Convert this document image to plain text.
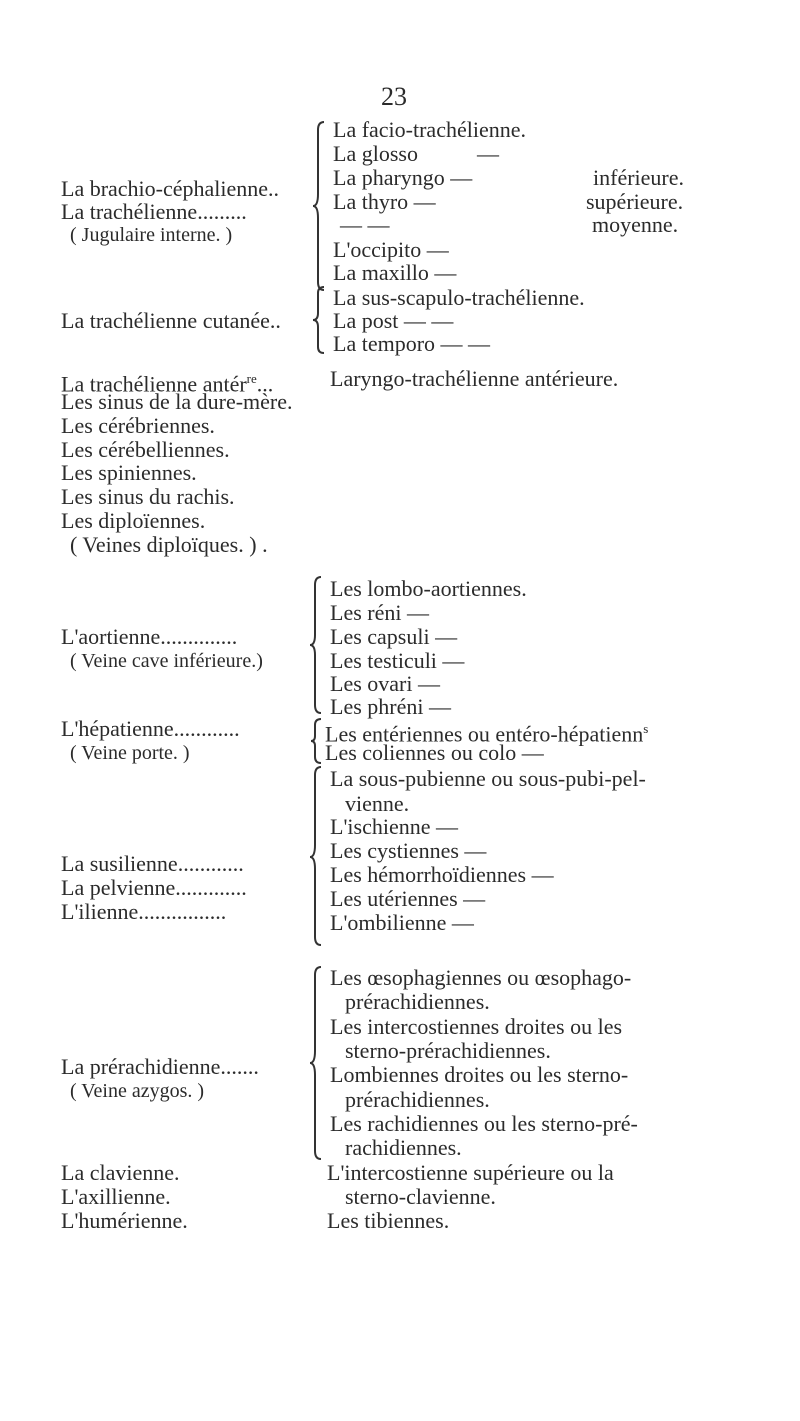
23
La brachio-céphalienne..
La trachélienne.........
( Jugulaire interne. )
La facio-trachélienne.
La glosso	—
La pharyngo —
La thyro —
— —
L'occipito —
La maxillo —
inférieure.
supérieure.
moyenne.
La trachélienne cutanée..
La sus-scapulo-trachélienne.
La post — —
La temporo — —
La trachélienne antér$^{re}$...	Laryngo-trachélienne antérieure.
Les sinus de la dure-mère.
Les cérébriennes.
Les cérébelliennes.
Les spiniennes.
Les sinus du rachis.
Les diploïennes.
( Veines diploïques. ) .
L'aortienne..............
( Veine cave inférieure.)
Les lombo-aortiennes.
Les réni —
Les capsuli —
Les testiculi —
Les ovari —
Les phréni —
L'hépatienne............
( Veine porte. )
Les entériennes ou entéro-hépatienn$^s$
Les coliennes ou colo —
La susilienne............
La pelvienne.............
L'ilienne................
La sous-pubienne ou sous-pubi-pel-
vienne.
L'ischienne —
Les cystiennes —
Les hémorrhoïdiennes —
Les utériennes —
L'ombilienne —
La prérachidienne.......
( Veine azygos. )
Les œsophagiennes ou œsophago-
prérachidiennes.
Les intercostiennes droites ou les
sterno-prérachidiennes.
Lombiennes droites ou les sterno-
prérachidiennes.
Les rachidiennes ou les sterno-pré-
rachidiennes.
La clavienne.
L'axillienne.
L'humérienne.
L'intercostienne supérieure ou la
sterno-clavienne.
Les tibiennes.
